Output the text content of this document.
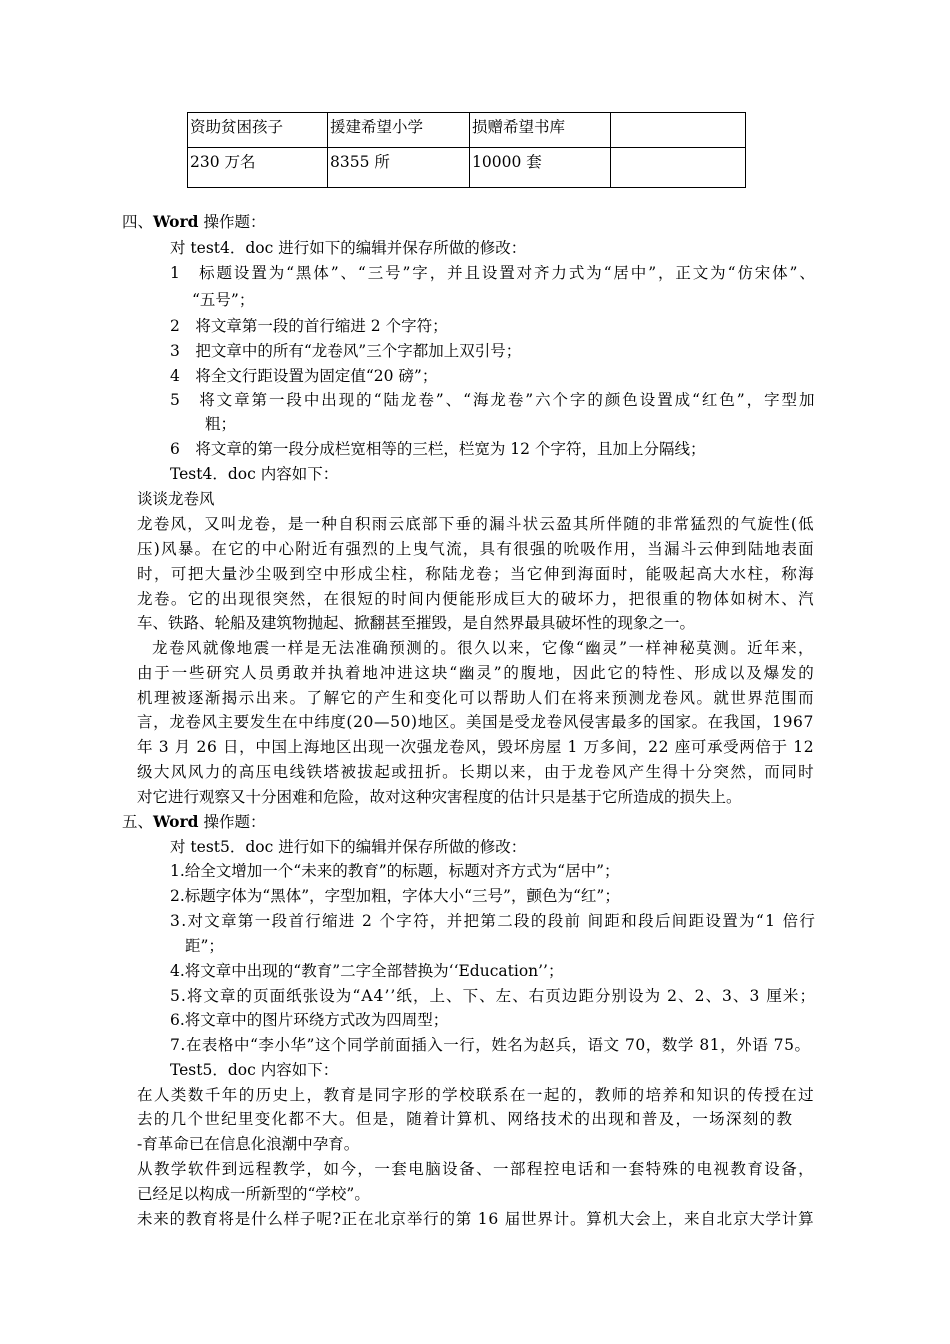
资助贫困孩子	援建希望小学	损赠希望书库	
230 万名	8355 所	10000 套	
四、Word 操作题：
对 test4．doc 进行如下的编辑并保存所做的修改：
1
　 标 题 设 置 为 “ 黑 体 ” 、 “ 三 号 ” 字 ， 并 且 设 置 对 齐 力 式 为 “ 居 中 ” ， 正 文 为 “ 仿 宋 体 ” 、
“五号”；
2　将文章第一段的首行缩进 2 个字符；
3　把文章中的所有“龙卷风”三个字都加上双引号；
4　将全文行距设置为固定值“20 磅”；
5
　 将 文 章 第 一 段 中 出 现 的 “ 陆 龙 卷 ” 、 “ 海 龙 卷 ” 六 个 字 的 颜 色 设 置 成 “ 红 色 ” ， 字 型 加
粗；
6　将文章的第一段分成栏宽相等的三栏，栏宽为 12 个字符，且加上分隔线；
Test4．doc 内容如下：
谈谈龙卷风
龙 卷 风 ， 又 叫 龙 卷 ， 是 一 种 自 积 雨 云 底 部 下 垂 的 漏 斗 状 云 盈 其 所 伴 随 的 非 常 猛 烈 的 气 旋 性 ( 低
压 ) 风 暴 。 在 它 的 中 心 附 近 有 强 烈 的 上 曳 气 流 ， 具 有 很 强 的 吮 吸 作 用 ， 当 漏 斗 云 伸 到 陆 地 表 面
时 ， 可 把 大 量 沙 尘 吸 到 空 中 形 成 尘 柱 ， 称 陆 龙 卷 ； 当 它 伸 到 海 面 时 ， 能 吸 起 高 大 水 柱 ， 称 海
龙 卷 。 它 的 出 现 很 突 然 ， 在 很 短 的 时 间 内 便 能 形 成 巨 大 的 破 坏 力 ， 把 很 重 的 物 体 如 树 木 、 汽
车、铁路、轮船及建筑物抛起、掀翻甚至摧毁，是自然界最具破坏性的现象之一。
龙 卷 风 就 像 地 震 一 样 是 无 法 准 确 预 测 的 。 很 久 以 来 ， 它 像 “ 幽 灵 ” 一 样 神 秘 莫 测 。 近 年 来 ，
由 于 一 些 研 究 人 员 勇 敢 并 执 着 地 冲 进 这 块 “ 幽 灵 ” 的 腹 地 ， 因 此 它 的 特 性 、 形 成 以 及 爆 发 的
机 理 被 逐 渐 揭 示 出 来 。 了 解 它 的 产 生 和 变 化 可 以 帮 助 人 们 在 将 来 预 测 龙 卷 风 。 就 世 界 范 围 而
言 ， 龙 卷 风 主 要 发 生 在 中 纬 度 ( 2 0 — 5 0 ) 地 区 。 美 国 是 受 龙 卷 风 侵 害 最 多 的 国 家 。 在 我 国 ， 1 9 6 7
年
3
月
2 6
日 ， 中 国 上 海 地 区 出 现 一 次 强 龙 卷 风 ， 毁 坏 房 屋
1
万 多 间 ， 2 2
座 可 承 受 两 倍 于
1 2
级 大 风 风 力 的 高 压 电 线 铁 塔 被 拔 起 或 扭 折 。 长 期 以 来 ， 由 于 龙 卷 风 产 生 得 十 分 突 然 ， 而 同 时
对它进行观察又十分困难和危险，故对这种灾害程度的估计只是基于它所造成的损失上。
五、Word 操作题：
对 test5．doc 进行如下的编辑并保存所做的修改：
1.给全文增加一个“未来的教育”的标题，标题对齐方式为“居中”；
2.标题字体为“黑体”，字型加粗，字体大小“三号”，颤色为“红”；
3 . 对 文 章 第 一 段 首 行 缩 进
2
个 字 符 ， 并 把 第 二 段 的 段 前
间 距 和 段 后 间 距 设 置 为 “ 1
倍 行
距”；
4.将文章中出现的“教育”二字全部替换为‘‘Education’’；
5 . 将 文 章 的 页 面 纸 张 设 为 “ A 4 ’ ’ 纸 ， 上 、 下 、 左 、 右 页 边 距 分 别 设 为
2 、 2 、 3 、 3
厘 米 ；
6.将文章中的图片环绕方式改为四周型；
7 . 在 表 格 中 “ 李 小 华 ” 这 个 同 学 前 面 插 入 一 行 ， 姓 名 为 赵 兵 ， 语 文
7 0 ， 数 学
8 1 ， 外 语
7 5 。
Test5．doc 内容如下：
在 人 类 数 千 年 的 历 史 上 ， 教 育 是 同 字 形 的 学 校 联 系 在 一 起 的 ， 教 师 的 培 养 和 知 识 的 传 授 在 过
去 的 几 个 世 纪 里 变 化 都 不 大 。 但 是 ， 随 着 计 算 机 、 网 络 技 术 的 出 现 和 普 及 ， 一 场 深 刻 的 教
-育革命已在信息化浪潮中孕育。
从 教 学 软 件 到 远 程 教 学 ， 如 今 ， 一 套 电 脑 设 备 、 一 部 程 控 电 话 和 一 套 特 殊 的 电 视 教 育 设 备 ，
已经足以构成一所新型的“学校”。
未 来 的 教 育 将 是 什 么 样 子 呢 ? 正 在 北 京 举 行 的 第
1 6
届 世 界 计 。 算 机 大 会 上 ， 来 自 北 京 大 学 计 算
